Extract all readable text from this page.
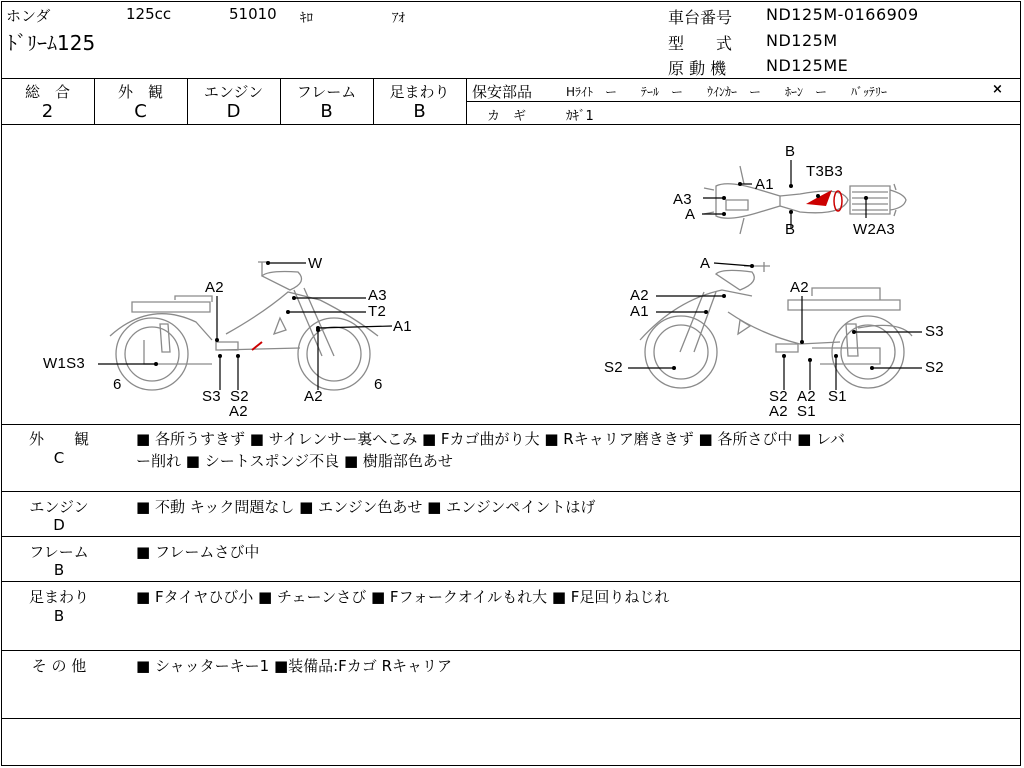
ホンダ	125cc	51010 ｷﾛ	ｱｵ
ﾄﾞﾘｰﾑ125
車台番号 ND125M-0166909
型　　式 ND125M
原 動 機 ND125ME
総　合
2
外　観
C
エンジン
D
フレーム
B
足まわり
B
保安部品	Hﾗｲﾄ　ー　　ﾃｰﾙ　ー　　ｳｲﾝｶｰ　ー　　ﾎｰﾝ　ー　　ﾊﾞｯﾃﾘｰ	×
カ　ギ	ｶｷﾞ1
B
T3B3
A1
A3
A
B	W2A3
W
A2	A3
T2
A1
W1S3
6
S3 S2
A2
A2
6
A
A2	A2
A1
S3
S2	S2
S2 A2 S1
A2 S1
外　　観
C
■ 各所うすきず ■ サイレンサー裏へこみ ■ Fカゴ曲がり大 ■ Rキャリア磨ききず ■ 各所さび中 ■ レバ
ー削れ ■ シートスポンジ不良 ■ 樹脂部色あせ
エンジン
D
■ 不動 キック問題なし ■ エンジン色あせ ■ エンジンペイントはげ
フレーム
B
■ フレームさび中
足まわり
B
■ Fタイヤひび小 ■ チェーンさび ■ Fフォークオイルもれ大 ■ F足回りねじれ
そ の 他	■ シャッターキー1 ■装備品:Fカゴ Rキャリア
